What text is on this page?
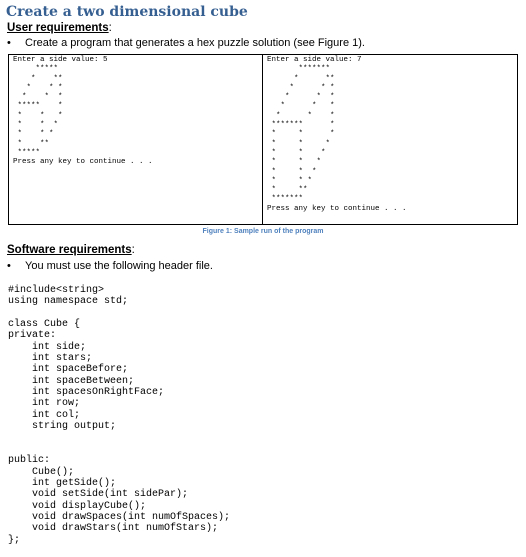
Create a two dimensional cube
User requirements:
• Create a program that generates a hex puzzle solution (see Figure 1).
Enter a side value: 5
*****
*    **
*    * *
*    *  *
*****    *
*    *   *
*    *  *
*    * *
*    **
*****
Press any key to continue . . .

Enter a side value: 7
*******
*      **
*      * *
*      *  *
*      *   *
*      *    *
*******      *
*     *      *
*     *     *
*     *    *
*     *   *
*     *  *
*     * *
*     **
*******
Press any key to continue . . .
Figure 1: Sample run of the program
Software requirements:
• You must use the following header file.
#include<string>
using namespace std;

class Cube {
private:
	int side;
	int stars;
	int spaceBefore;
	int spaceBetween;
	int spacesOnRightFace;
	int row;
	int col;
	string output;

public:
	Cube();
	int getSide();
	void setSide(int sidePar);
	void displayCube();
	void drawSpaces(int numOfSpaces);
	void drawStars(int numOfStars);
};
